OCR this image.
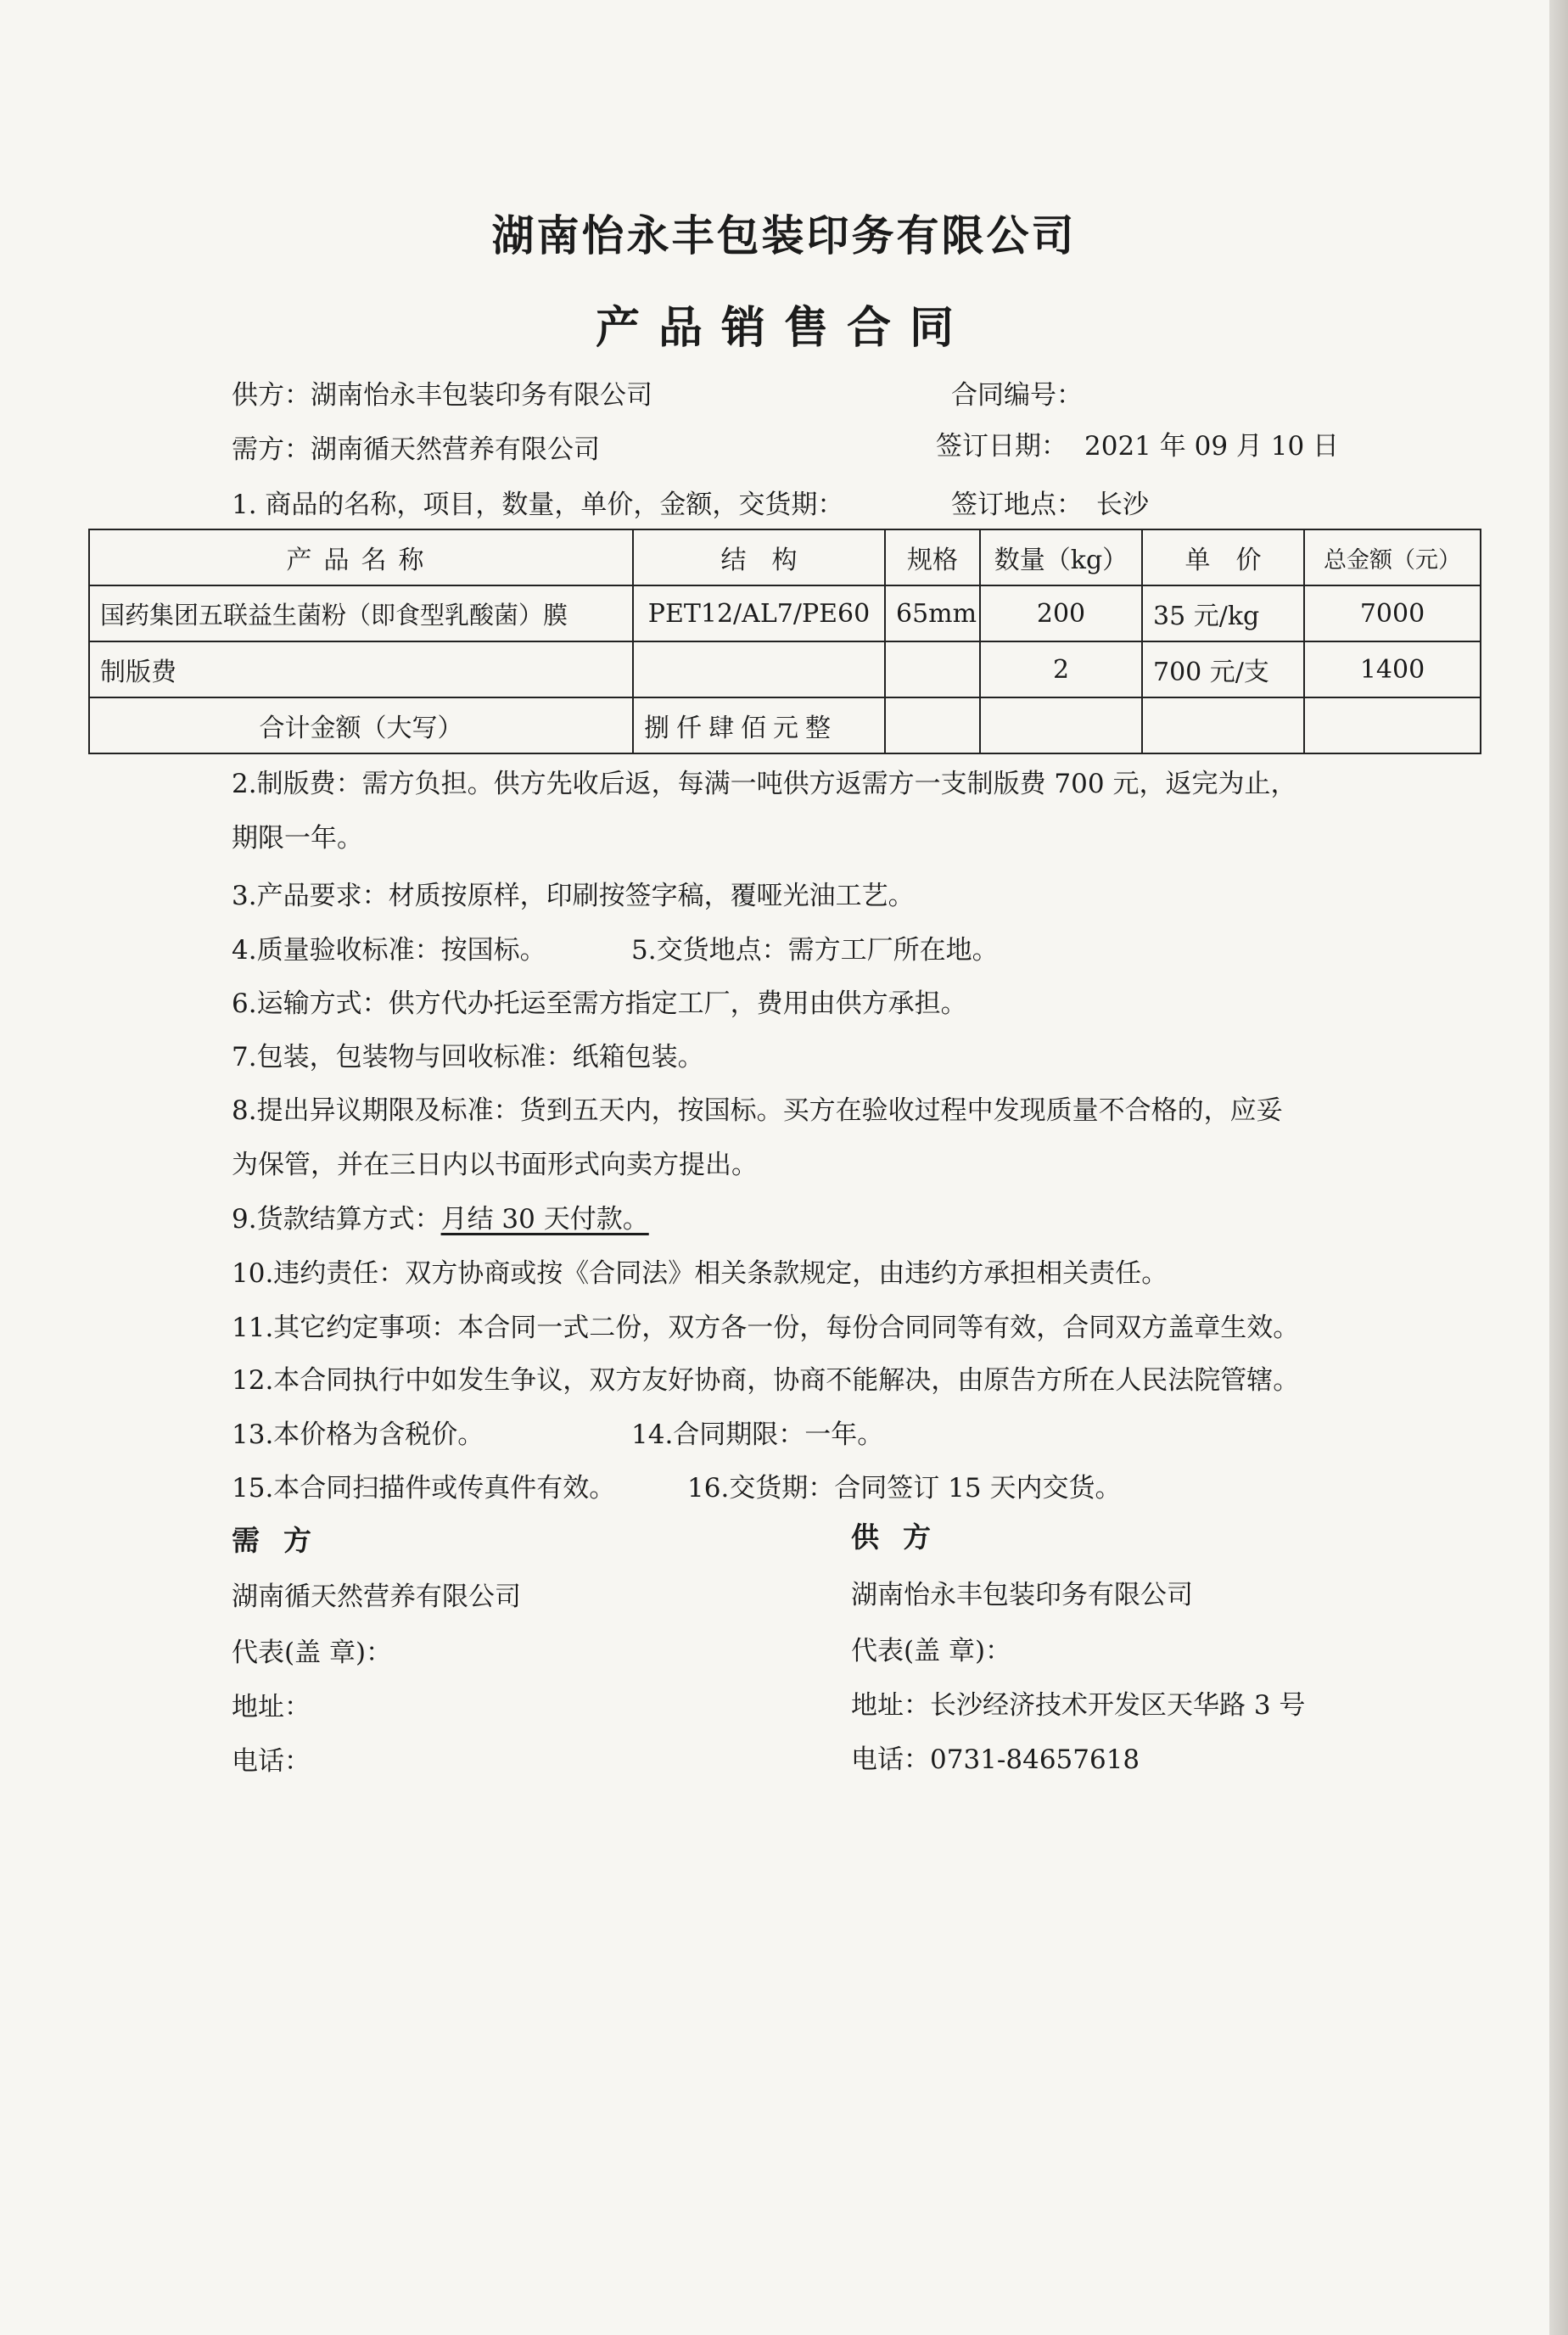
湖南怡永丰包装印务有限公司
产品销售合同
供方：湖南怡永丰包装印务有限公司	合同编号：
需方：湖南循天然营养有限公司	签订日期： 2021 年 09 月 10 日
1. 商品的名称，项目，数量，单价，金额，交货期：	签订地点： 长沙
产品名称	结　构	规格	数量（kg）	单　价	总金额（元）
国药集团五联益生菌粉（即食型乳酸菌）膜	PET12/AL7/PE60	65mm	200	35 元/kg	7000
制版费			2	700 元/支	1400
合计金额（大写）	捌仟肆佰元整				
2.制版费：需方负担。供方先收后返，每满一吨供方返需方一支制版费 700 元，返完为止，
期限一年。
3.产品要求：材质按原样，印刷按签字稿，覆哑光油工艺。
4.质量验收标准：按国标。	5.交货地点：需方工厂所在地。
6.运输方式：供方代办托运至需方指定工厂，费用由供方承担。
7.包装，包装物与回收标准：纸箱包装。
8.提出异议期限及标准：货到五天内，按国标。买方在验收过程中发现质量不合格的，应妥
为保管，并在三日内以书面形式向卖方提出。
9.货款结算方式：月结 30 天付款。
10.违约责任：双方协商或按《合同法》相关条款规定，由违约方承担相关责任。
11.其它约定事项：本合同一式二份，双方各一份，每份合同同等有效，合同双方盖章生效。
12.本合同执行中如发生争议，双方友好协商，协商不能解决，由原告方所在人民法院管辖。
13.本价格为含税价。	14.合同期限：一年。
15.本合同扫描件或传真件有效。	16.交货期：合同签订 15 天内交货。
需方
湖南循天然营养有限公司
代表(盖 章)：
地址：
电话：
供方
湖南怡永丰包装印务有限公司
代表(盖 章)：
地址：长沙经济技术开发区天华路 3 号
电话：0731-84657618
